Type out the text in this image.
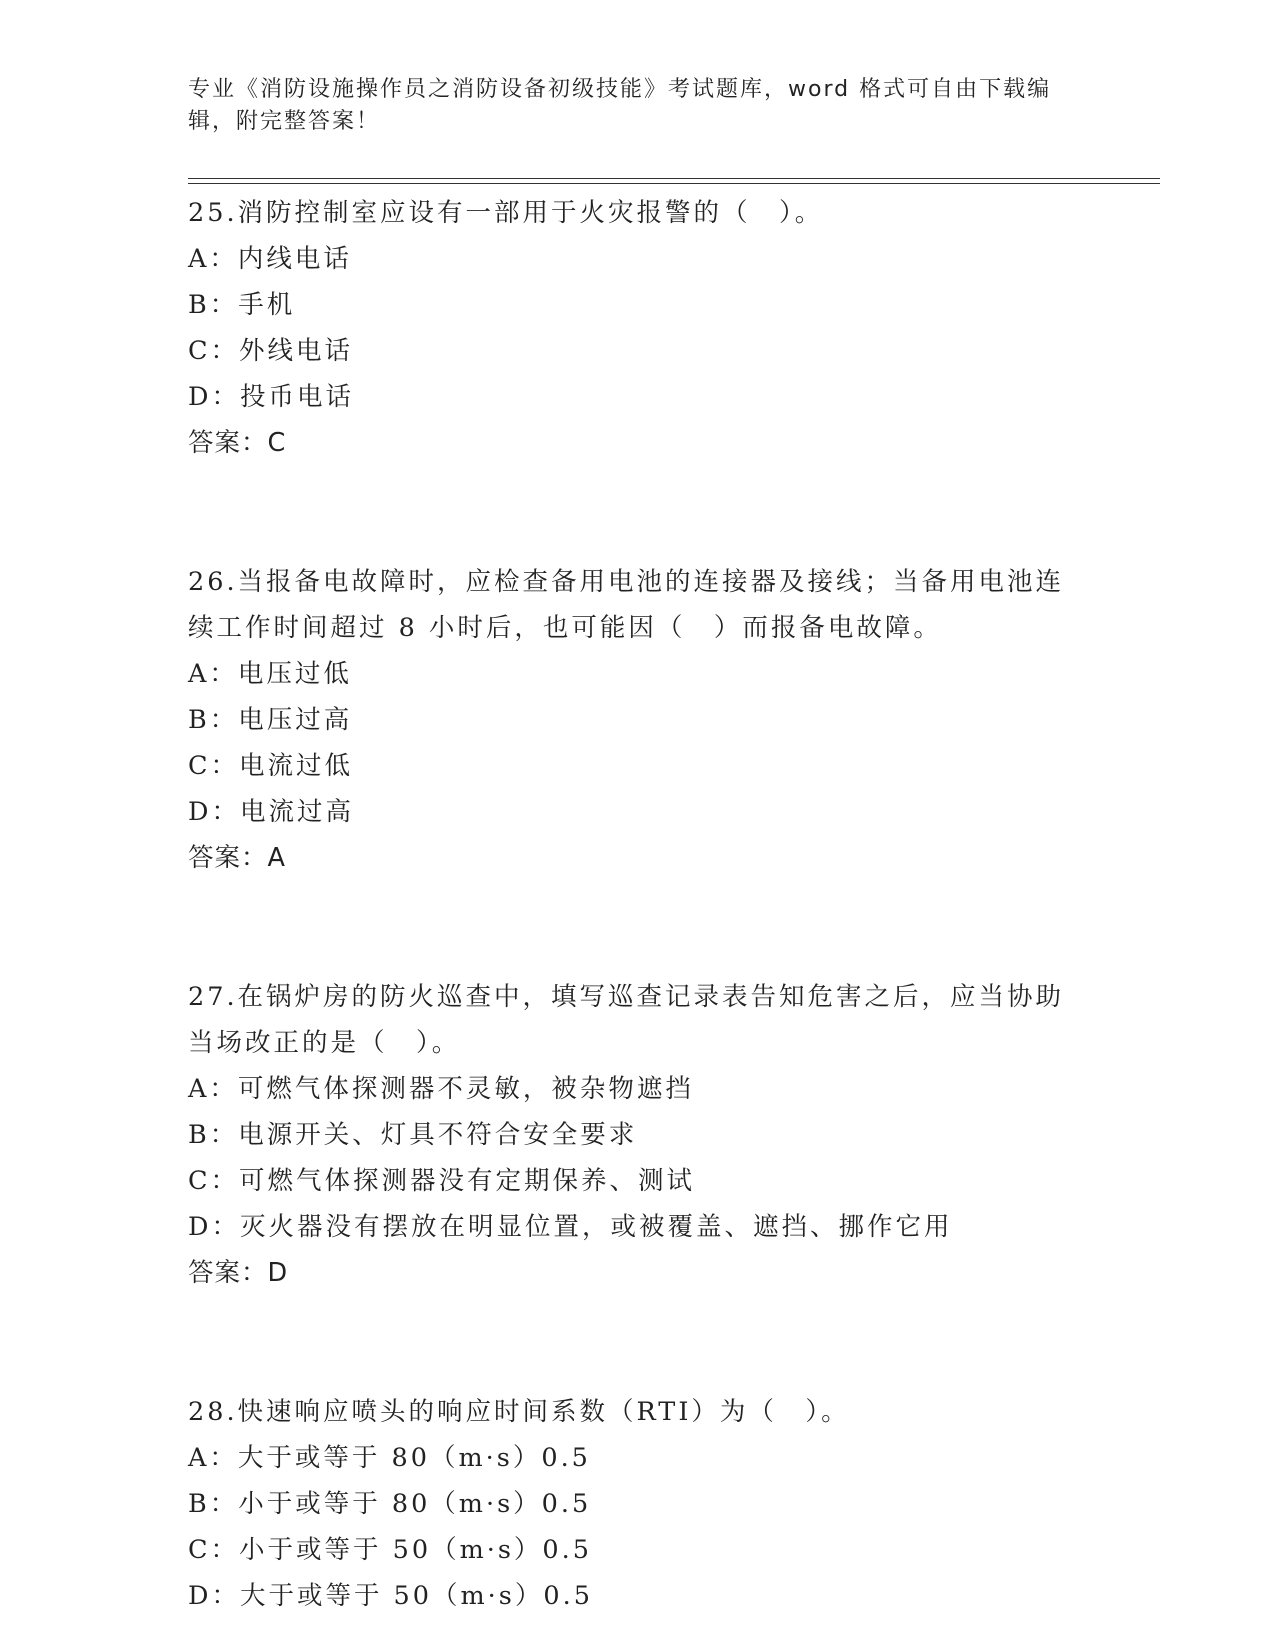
专业《消防设施操作员之消防设备初级技能》考试题库，word 格式可自由下载编
辑，附完整答案！
25.消防控制室应设有一部用于火灾报警的（　）。
A：内线电话
B：手机
C：外线电话
D：投币电话
答案：C
26.当报备电故障时，应检查备用电池的连接器及接线；当备用电池连
续工作时间超过 8 小时后，也可能因（　）而报备电故障。
A：电压过低
B：电压过高
C：电流过低
D：电流过高
答案：A
27.在锅炉房的防火巡查中，填写巡查记录表告知危害之后，应当协助
当场改正的是（　）。
A：可燃气体探测器不灵敏，被杂物遮挡
B：电源开关、灯具不符合安全要求
C：可燃气体探测器没有定期保养、测试
D：灭火器没有摆放在明显位置，或被覆盖、遮挡、挪作它用
答案：D
28.快速响应喷头的响应时间系数（RTI）为（　）。
A：大于或等于 80（m·s）0.5
B：小于或等于 80（m·s）0.5
C：小于或等于 50（m·s）0.5
D：大于或等于 50（m·s）0.5
